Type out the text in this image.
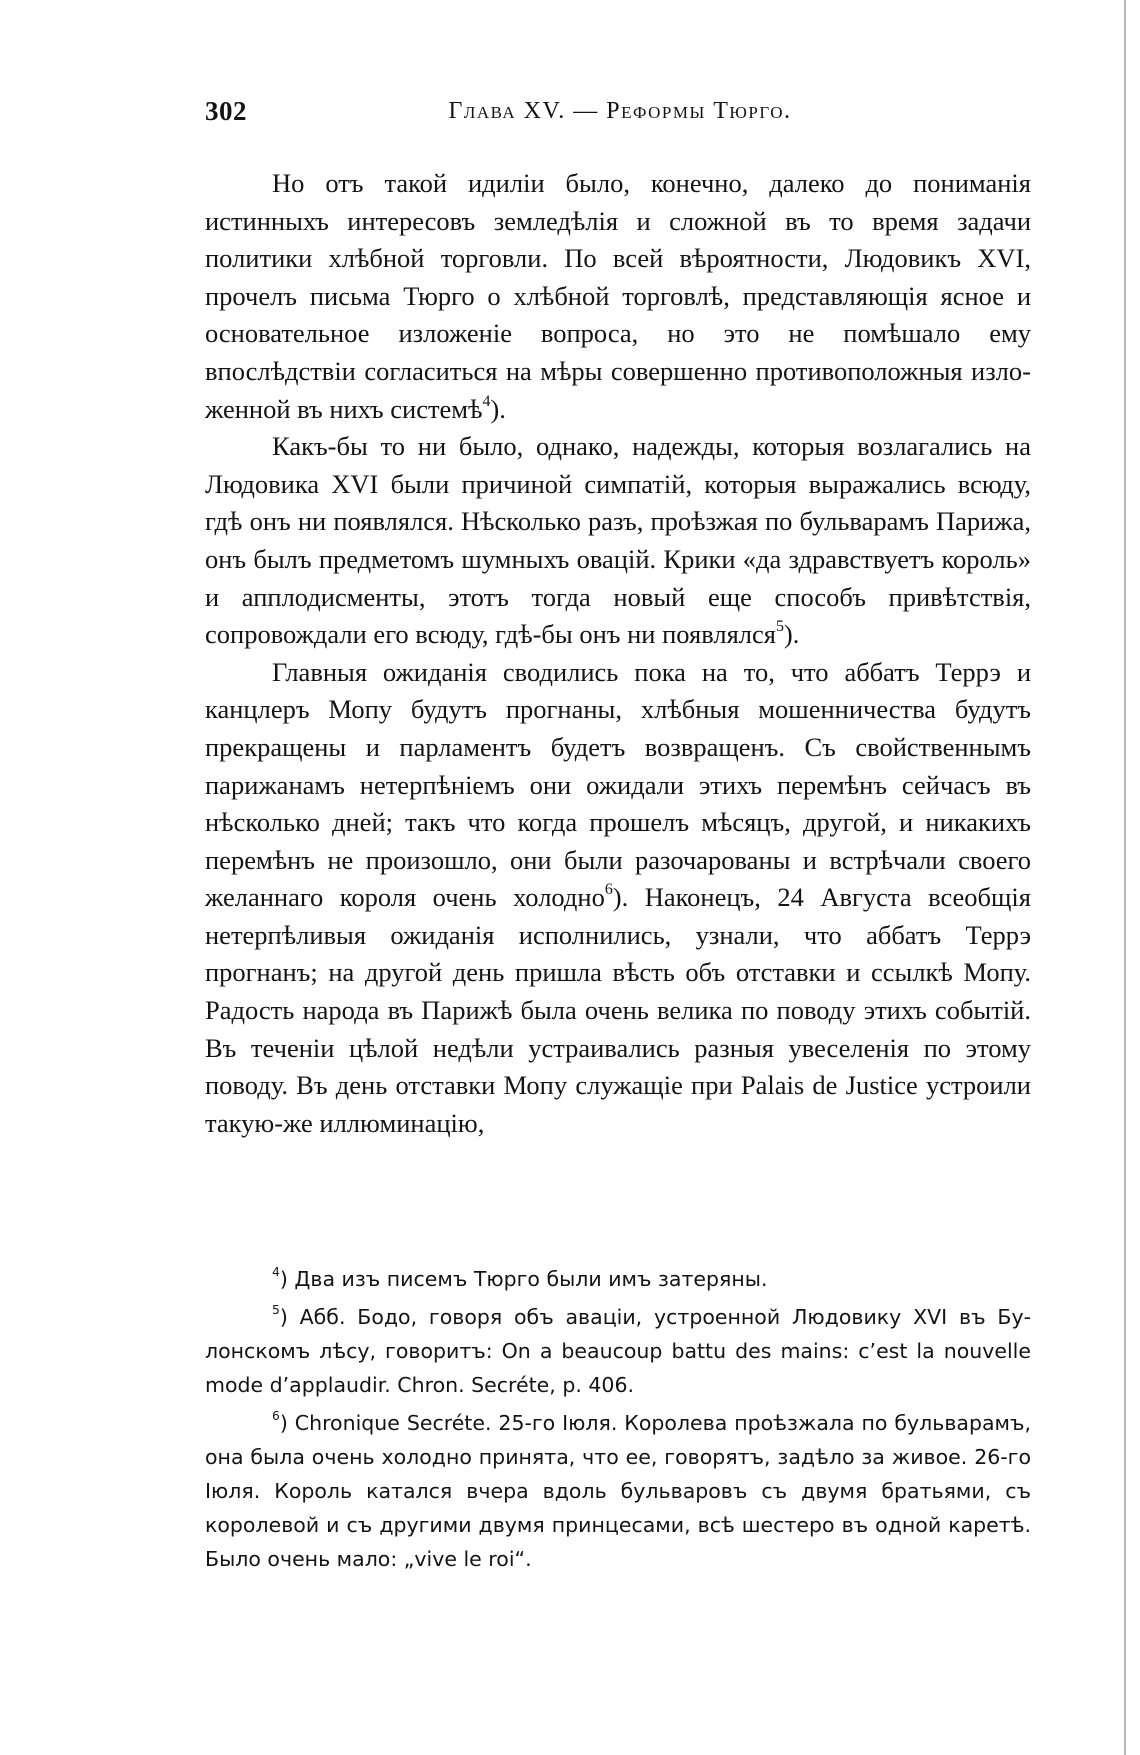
302	Глава XV. — Реформы Тюрго.

Но отъ такой идиліи было, конечно, далеко до пониманія истинныхъ интересовъ земледѣлія и сложной въ то время задачи политики хлѣбной торговли. По всей вѣроятности, Людовикъ XVI, прочелъ письма Тюрго о хлѣбной торговлѣ, представляющія ясное и основательное изложеніе вопроса, но это не помѣшало ему впослѣдствіи согласиться на мѣры совершенно противоположныя изложенной въ нихъ системѣ$^4$).

Какъ-бы то ни было, однако, надежды, которыя возлагались на Людовика XVI были причиной симпатій, которыя выражались всюду, гдѣ онъ ни появлялся. Нѣсколько разъ, проѣзжая по бульварамъ Парижа, онъ былъ предметомъ шумныхъ овацій. Крики «да здравствуетъ король» и апплодисменты, этотъ тогда новый еще способъ привѣтствія, сопровождали его всюду, гдѣ-бы онъ ни появлялся$^5$).

Главныя ожиданія сводились пока на то, что аббатъ Террэ и канцлеръ Мопу будутъ прогнаны, хлѣбныя мошенничества будутъ прекращены и парламентъ будетъ возвращенъ. Съ свойственнымъ парижанамъ нетерпѣніемъ они ожидали этихъ перемѣнъ сейчасъ въ нѣсколько дней; такъ что когда прошелъ мѣсяцъ, другой, и никакихъ перемѣнъ не произошло, они были разочарованы и встрѣчали своего желаннаго короля очень холодно$^6$). Наконецъ, 24 Августа всеобщія нетерпѣливыя ожиданія исполнились, узнали, что аббатъ Террэ прогнанъ; на другой день пришла вѣсть объ отставки и ссылкѣ Мопу. Радость народа въ Парижѣ была очень велика по поводу этихъ событій. Въ теченіи цѣлой недѣли устраивались разныя увеселенія по этому поводу. Въ день отставки Мопу служащіе при Palais de Justice устроили такую-же иллюминацію,

$^4$) Два изъ писемъ Тюрго были имъ затеряны.

$^5$) Абб. Бодо, говоря объ аваціи, устроенной Людовику XVI въ Булонскомъ лѣсу, говоритъ: On a beaucoup battu des mains: c’est la nouvelle mode d’applaudir. Chron. Secréte, p. 406.

$^6$) Chronique Secréte. 25-го Іюля. Королева проѣзжала по бульварамъ, она была очень холодно принята, что ее, говорятъ, задѣло за живое. 26-го Іюля. Король катался вчера вдоль бульваровъ съ двумя братьями, съ королевой и съ другими двумя принцесами, всѣ шестеро въ одной каретѣ. Было очень мало: „vive le roi“.
